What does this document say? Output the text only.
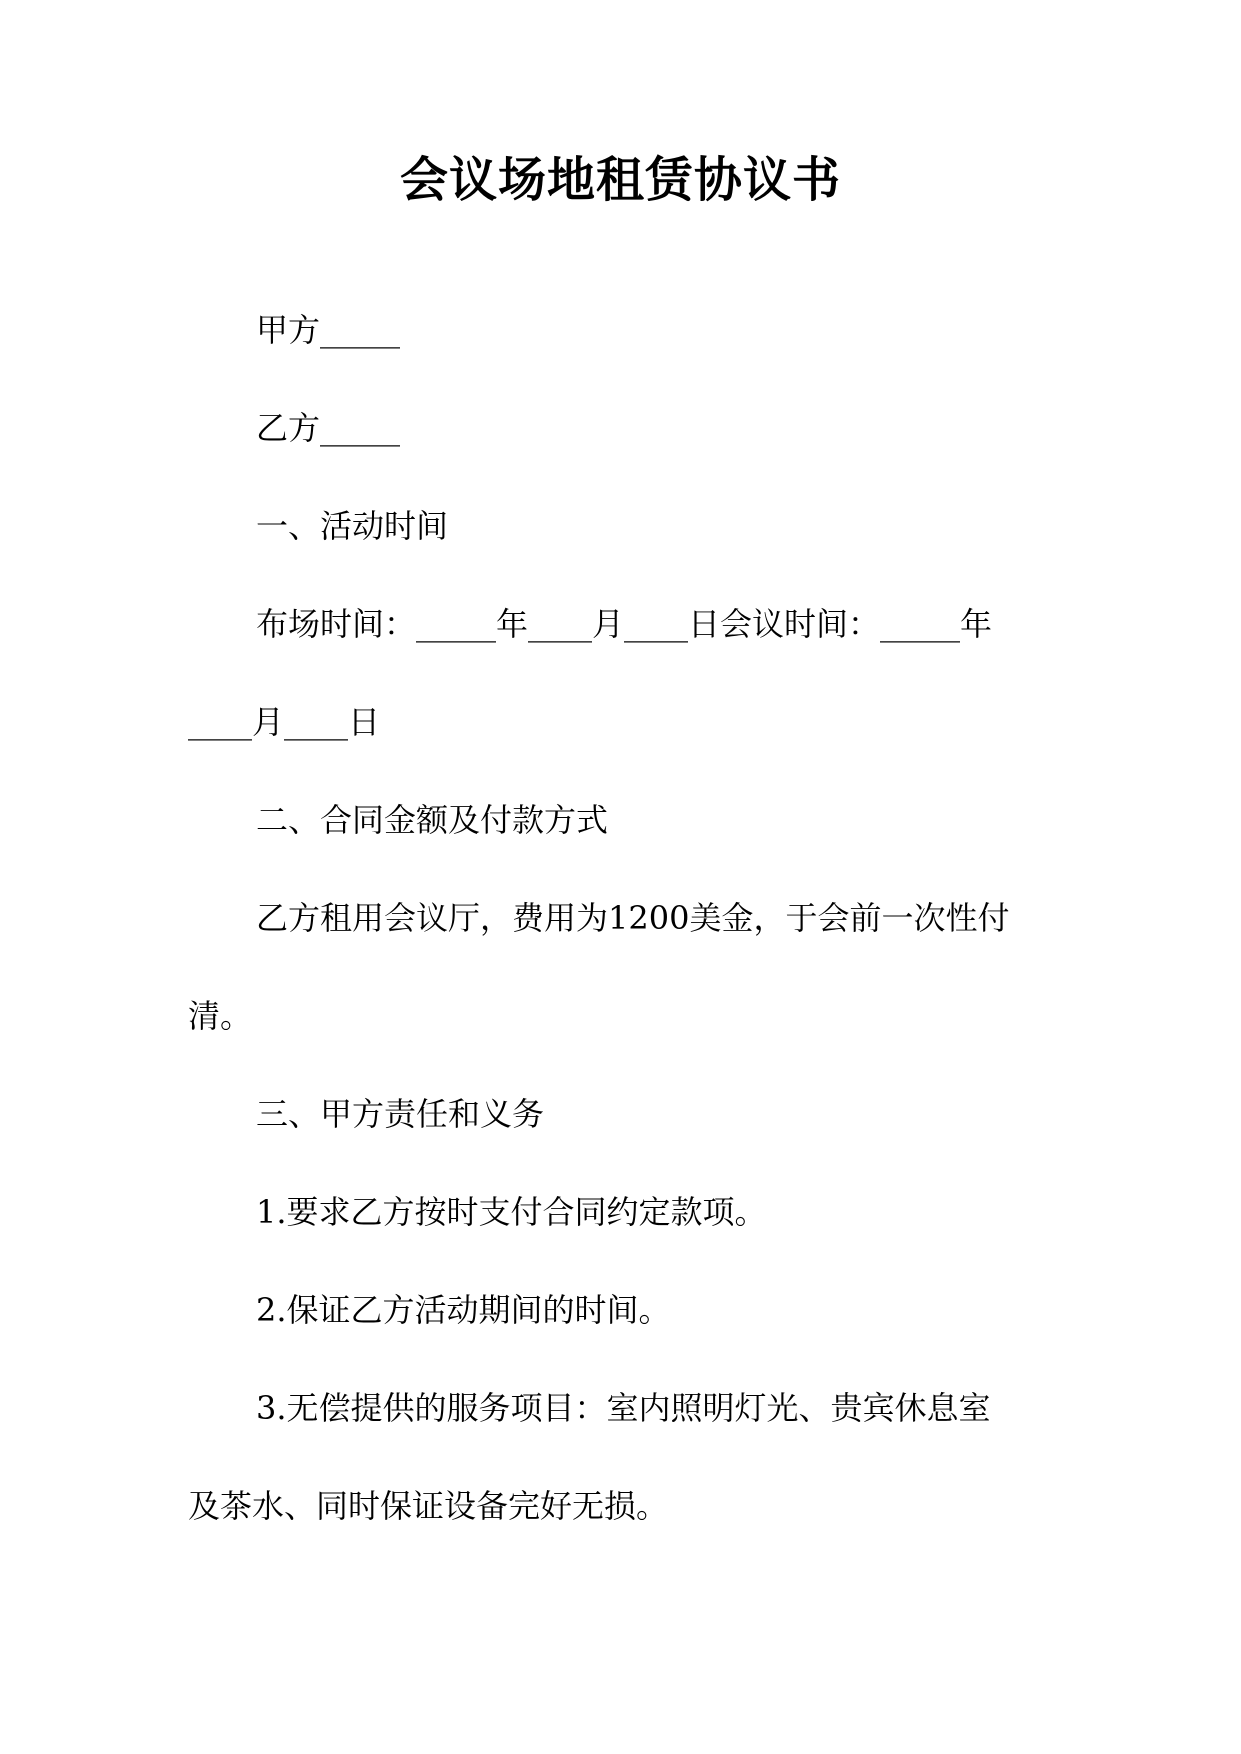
会议场地租赁协议书
甲方_____
乙方_____
一、活动时间
布场时间：_____年____月____日会议时间：_____年
____月____日
二、合同金额及付款方式
乙方租用会议厅，费用为1200美金，于会前一次性付
清。
三、甲方责任和义务
1.要求乙方按时支付合同约定款项。
2.保证乙方活动期间的时间。
3.无偿提供的服务项目：室内照明灯光、贵宾休息室
及茶水、同时保证设备完好无损。
